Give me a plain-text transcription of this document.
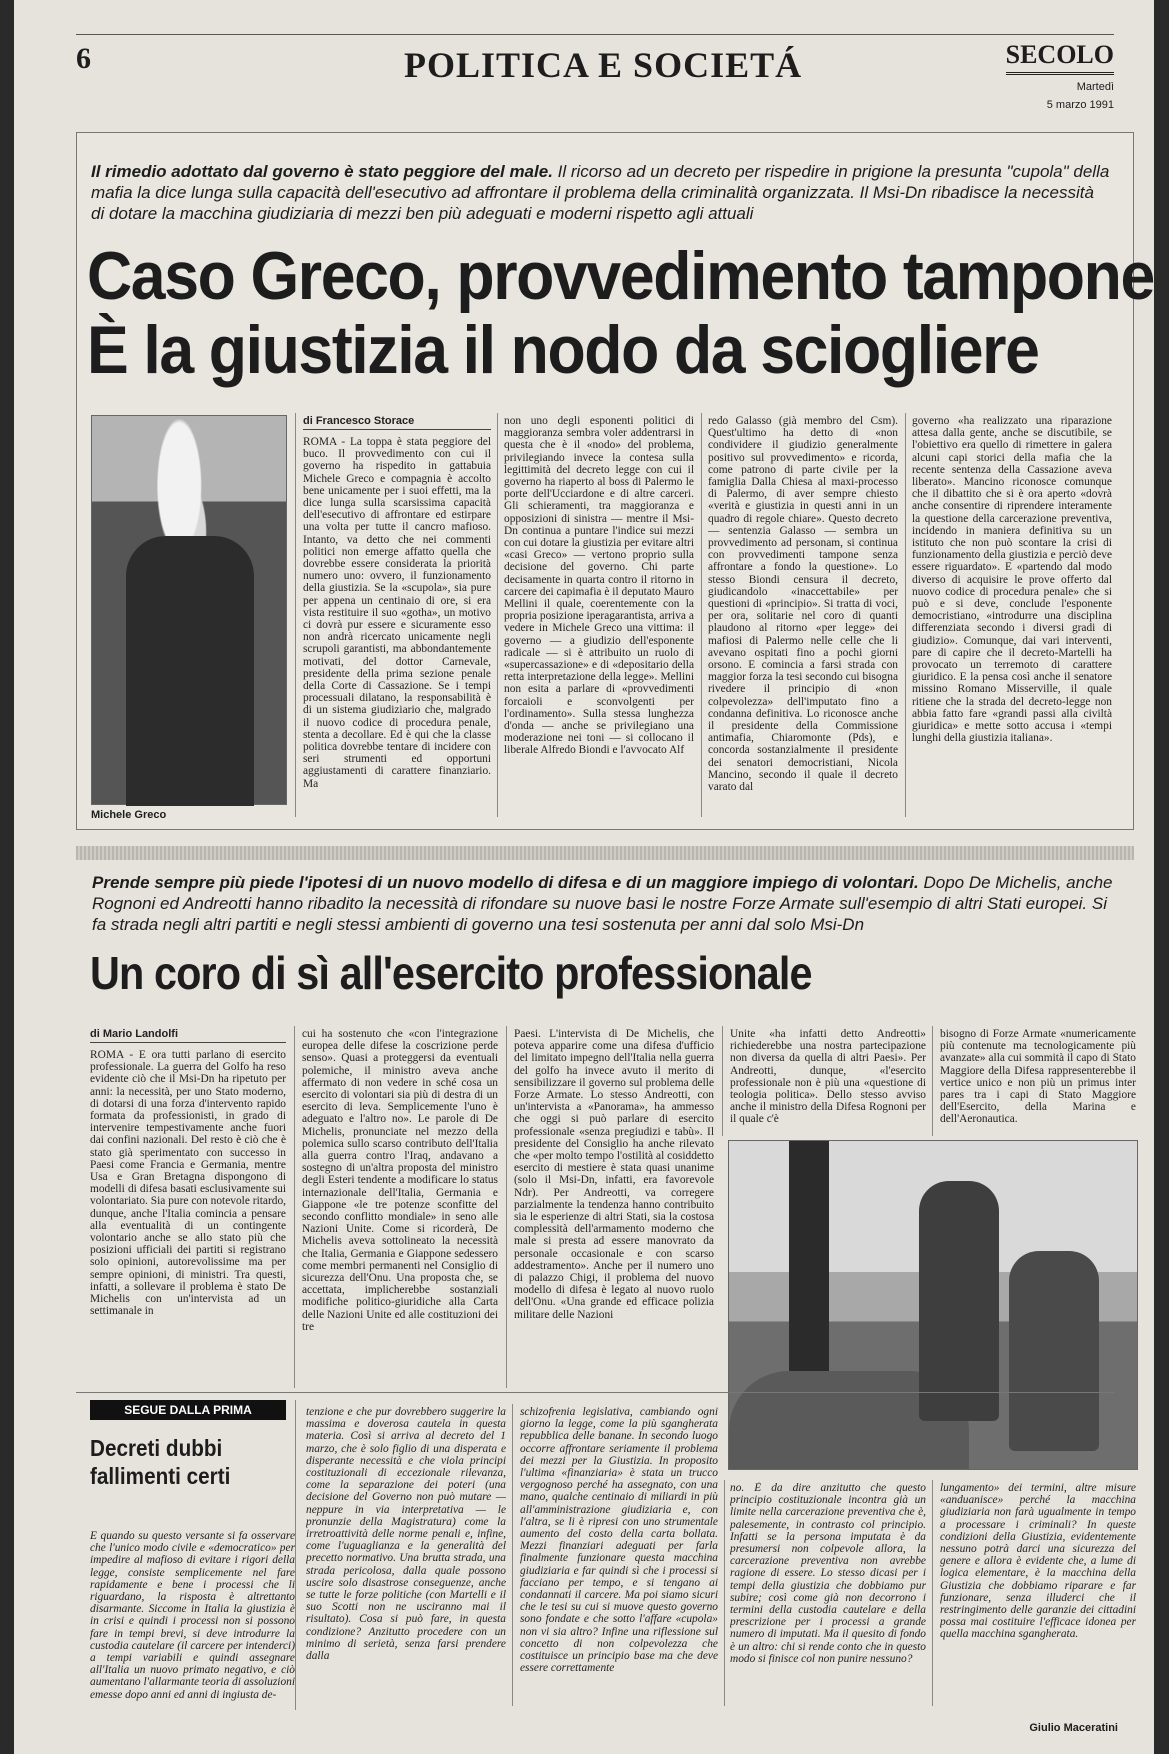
6	POLITICA E SOCIETÁ	SECOLO
Martedì
5 marzo 1991
Il rimedio adottato dal governo è stato peggiore del male. Il ricorso ad un decreto per rispedire in prigione la presunta "cupola" della mafia la dice lunga sulla capacità dell'esecutivo ad affrontare il problema della criminalità organizzata. Il Msi-Dn ribadisce la necessità di dotare la macchina giudiziaria di mezzi ben più adeguati e moderni rispetto agli attuali
Caso Greco, provvedimento tampone
È la giustizia il nodo da sciogliere
Michele Greco
di Francesco Storace
ROMA - La toppa è stata peggiore del buco. Il provvedimento con cui il governo ha rispedito in gattabuia Michele Greco e compagnia è accolto bene unicamente per i suoi effetti, ma la dice lunga sulla scarsissima capacità dell'esecutivo di affrontare ed estirpare una volta per tutte il cancro mafioso. Intanto, va detto che nei commenti politici non emerge affatto quella che dovrebbe essere considerata la priorità numero uno: ovvero, il funzionamento della giustizia. Se la «scupola», sia pure per appena un centinaio di ore, si era vista restituire il suo «gotha», un motivo ci dovrà pur essere e sicuramente esso non andrà ricercato unicamente negli scrupoli garantisti, ma abbondantemente motivati, del dottor Carnevale, presidente della prima sezione penale della Corte di Cassazione. Se i tempi processuali dilatano, la responsabilità è di un sistema giudiziario che, malgrado il nuovo codice di procedura penale, stenta a decollare. Ed è qui che la classe politica dovrebbe tentare di incidere con seri strumenti ed opportuni aggiustamenti di carattere finanziario. Ma
non uno degli esponenti politici di maggioranza sembra voler addentrarsi in questa che è il «nodo» del problema, privilegiando invece la contesa sulla legittimità del decreto legge con cui il governo ha riaperto al boss di Palermo le porte dell'Ucciardone e di altre carceri. Gli schieramenti, tra maggioranza e opposizioni di sinistra — mentre il Msi-Dn continua a puntare l'indice sui mezzi con cui dotare la giustizia per evitare altri «casi Greco» — vertono proprio sulla decisione del governo. Chi parte decisamente in quarta contro il ritorno in carcere dei capimafia è il deputato Mauro Mellini il quale, coerentemente con la propria posizione iperagarantista, arriva a vedere in Michele Greco una vittima: il governo — a giudizio dell'esponente radicale — si è attribuito un ruolo di «supercassazione» e di «depositario della retta interpretazione della legge». Mellini non esita a parlare di «provvedimenti forcaioli e sconvolgenti per l'ordinamento». Sulla stessa lunghezza d'onda — anche se privilegiano una moderazione nei toni — si collocano il liberale Alfredo Biondi e l'avvocato Alf
redo Galasso (già membro del Csm). Quest'ultimo ha detto di «non condividere il giudizio generalmente positivo sul provvedimento» e ricorda, come patrono di parte civile per la famiglia Dalla Chiesa al maxi-processo di Palermo, di aver sempre chiesto «verità e giustizia in questi anni in un quadro di regole chiare». Questo decreto — sentenzia Galasso — sembra un provvedimento ad personam, si continua con provvedimenti tampone senza affrontare a fondo la questione». Lo stesso Biondi censura il decreto, giudicandolo «inaccettabile» per questioni di «principio». Si tratta di voci, per ora, solitarie nel coro di quanti plaudono al ritorno «per legge» dei mafiosi di Palermo nelle celle che li avevano ospitati fino a pochi giorni orsono. E comincia a farsi strada con maggior forza la tesi secondo cui bisogna rivedere il principio di «non colpevolezza» dell'imputato fino a condanna definitiva. Lo riconosce anche il presidente della Commissione antimafia, Chiaromonte (Pds), e concorda sostanzialmente il presidente dei senatori democristiani, Nicola Mancino, secondo il quale il decreto varato dal
governo «ha realizzato una riparazione attesa dalla gente, anche se discutibile, se l'obiettivo era quello di rimettere in galera alcuni capi storici della mafia che la recente sentenza della Cassazione aveva liberato». Mancino riconosce comunque che il dibattito che si è ora aperto «dovrà anche consentire di riprendere interamente la questione della carcerazione preventiva, incidendo in maniera definitiva su un istituto che non può scontare la crisi di funzionamento della giustizia e perciò deve essere riguardato». E «partendo dal modo diverso di acquisire le prove offerto dal nuovo codice di procedura penale» che si può e si deve, conclude l'esponente democristiano, «introdurre una disciplina differenziata secondo i diversi gradi di giudizio». Comunque, dai vari interventi, pare di capire che il decreto-Martelli ha provocato un terremoto di carattere giuridico. E la pensa così anche il senatore missino Romano Misserville, il quale ritiene che la strada del decreto-legge non abbia fatto fare «grandi passi alla civiltà giuridica» e mette sotto accusa i «tempi lunghi della giustizia italiana».
Prende sempre più piede l'ipotesi di un nuovo modello di difesa e di un maggiore impiego di volontari. Dopo De Michelis, anche Rognoni ed Andreotti hanno ribadito la necessità di rifondare su nuove basi le nostre Forze Armate sull'esempio di altri Stati europei. Si fa strada negli altri partiti e negli stessi ambienti di governo una tesi sostenuta per anni dal solo Msi-Dn
Un coro di sì all'esercito professionale
di Mario Landolfi
ROMA - E ora tutti parlano di esercito professionale. La guerra del Golfo ha reso evidente ciò che il Msi-Dn ha ripetuto per anni: la necessità, per uno Stato moderno, di dotarsi di una forza d'intervento rapido formata da professionisti, in grado di intervenire tempestivamente anche fuori dai confini nazionali. Del resto è ciò che è stato già sperimentato con successo in Paesi come Francia e Germania, mentre Usa e Gran Bretagna dispongono di modelli di difesa basati esclusivamente sui volontariato. Sia pure con notevole ritardo, dunque, anche l'Italia comincia a pensare alla eventualità di un contingente volontario anche se allo stato più che posizioni ufficiali dei partiti si registrano solo opinioni, autorevolissime ma per sempre opinioni, di ministri. Tra questi, infatti, a sollevare il problema è stato De Michelis con un'intervista ad un settimanale in
cui ha sostenuto che «con l'integrazione europea delle difese la coscrizione perde senso». Quasi a proteggersi da eventuali polemiche, il ministro aveva anche affermato di non vedere in sché cosa un esercito di volontari sia più di destra di un esercito di leva. Semplicemente l'uno è adeguato e l'altro no». Le parole di De Michelis, pronunciate nel mezzo della polemica sullo scarso contributo dell'Italia alla guerra contro l'Iraq, andavano a sostegno di un'altra proposta del ministro degli Esteri tendente a modificare lo status internazionale dell'Italia, Germania e Giappone «le tre potenze sconfitte del secondo conflitto mondiale» in seno alle Nazioni Unite. Come si ricorderà, De Michelis aveva sottolineato la necessità che Italia, Germania e Giappone sedessero come membri permanenti nel Consiglio di sicurezza dell'Onu. Una proposta che, se accettata, implicherebbe sostanziali modifiche politico-giuridiche alla Carta delle Nazioni Unite ed alle costituzioni dei tre
Paesi. L'intervista di De Michelis, che poteva apparire come una difesa d'ufficio del limitato impegno dell'Italia nella guerra del golfo ha invece avuto il merito di sensibilizzare il governo sul problema delle Forze Armate. Lo stesso Andreotti, con un'intervista a «Panorama», ha ammesso che oggi si può parlare di esercito professionale «senza pregiudizi e tabù». Il presidente del Consiglio ha anche rilevato che «per molto tempo l'ostilità al cosiddetto esercito di mestiere è stata quasi unanime (solo il Msi-Dn, infatti, era favorevole Ndr). Per Andreotti, va corregere parzialmente la tendenza hanno contribuito sia le esperienze di altri Stati, sia la costosa complessità dell'armamento moderno che male si presta ad essere manovrato da personale occasionale e con scarso addestramento». Anche per il numero uno di palazzo Chigi, il problema del nuovo modello di difesa è legato al nuovo ruolo dell'Onu. «Una grande ed efficace polizia militare delle Nazioni
Unite «ha infatti detto Andreotti» richiederebbe una nostra partecipazione non diversa da quella di altri Paesi». Per Andreotti, dunque, «l'esercito professionale non è più una «questione di teologia politica». Dello stesso avviso anche il ministro della Difesa Rognoni per il quale c'è
bisogno di Forze Armate «numericamente più contenute ma tecnologicamente più avanzate» alla cui sommità il capo di Stato Maggiore della Difesa rappresenterebbe il vertice unico e non più un primus inter pares tra i capi di Stato Maggiore dell'Esercito, della Marina e dell'Aeronautica.
SEGUE DALLA PRIMA
Decreti dubbi
fallimenti certi
E quando su questo versante si fa osservare che l'unico modo civile e «democratico» per impedire al mafioso di evitare i rigori della legge, consiste semplicemente nel fare rapidamente e bene i processi che li riguardano, la risposta è altrettanto disarmante. Siccome in Italia la giustizia è in crisi e quindi i processi non si possono fare in tempi brevi, si deve introdurre la custodia cautelare (il carcere per intenderci) a tempi variabili e quindi assegnare all'Italia un nuovo primato negativo, e ciò aumentano l'allarmante teoria di assoluzioni emesse dopo anni ed anni di ingiusta de-
tenzione e che pur dovrebbero suggerire la massima e doverosa cautela in questa materia. Così si arriva al decreto del 1 marzo, che è solo figlio di una disperata e disperante necessità e che viola principi costituzionali di eccezionale rilevanza, come la separazione dei poteri (una decisione del Governo non può mutare — neppure in via interpretativa — le pronunzie della Magistratura) come la irretroattività delle norme penali e, infine, come l'uguaglianza e la generalità del precetto normativo. Una brutta strada, una strada pericolosa, dalla quale possono uscire solo disastrose conseguenze, anche se tutte le forze politiche (con Martelli e il suo Scotti non ne usciranno mai il risultato). Cosa si può fare, in questa condizione? Anzitutto procedere con un minimo di serietà, senza farsi prendere dalla
schizofrenia legislativa, cambiando ogni giorno la legge, come la più sgangherata repubblica delle banane. In secondo luogo occorre affrontare seriamente il problema dei mezzi per la Giustizia. In proposito l'ultima «finanziaria» è stata un trucco vergognoso perché ha assegnato, con una mano, qualche centinaio di miliardi in più all'amministrazione giudiziaria e, con l'altra, se li è ripresi con uno strumentale aumento del costo della carta bollata. Mezzi finanziari adeguati per farla finalmente funzionare questa macchina giudiziaria e far quindi sì che i processi si facciano per tempo, e si tengano ai condannati il carcere. Ma poi siamo sicuri che le tesi su cui si muove questo governo sono fondate e che sotto l'affare «cupola» non vi sia altro? Infine una riflessione sul concetto di non colpevolezza che costituisce un principio base ma che deve essere correttamente
no. È da dire anzitutto che questo principio costituzionale incontra già un limite nella carcerazione preventiva che è, palesemente, in contrasto col principio. Infatti se la persona imputata è da presumersi non colpevole allora, la carcerazione preventiva non avrebbe ragione di essere. Lo stesso dicasi per i tempi della giustizia che dobbiamo pur subire; così come già non decorrono i termini della custodia cautelare e della prescrizione per i processi a grande numero di imputati. Ma il quesito di fondo è un altro: chi si rende conto che in questo modo si finisce col non punire nessuno?
lungamento» dei termini, altre misure «anduanisce» perché la macchina giudiziaria non farà ugualmente in tempo a processare i criminali? In queste condizioni della Giustizia, evidentemente nessuno potrà darci una sicurezza del genere e allora è evidente che, a lume di logica elementare, è la macchina della Giustizia che dobbiamo riparare e far funzionare, senza illuderci che il restringimento delle garanzie dei cittadini possa mai costituire l'efficace idonea per quella macchina sgangherata.
Giulio Maceratini
